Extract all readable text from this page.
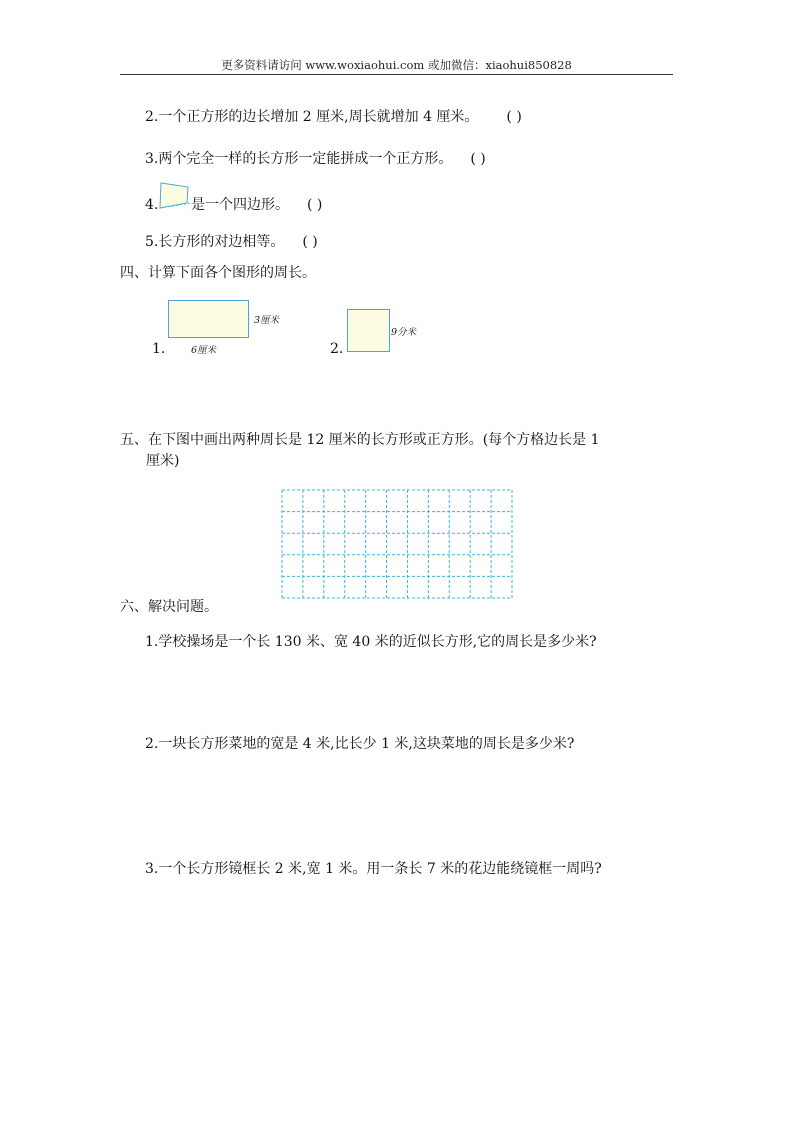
更多资料请访问 www.woxiaohui.com 或加微信：xiaohui850828
2.一个正方形的边长增加 2 厘米,周长就增加 4 厘米。 ( )
3.两个完全一样的长方形一定能拼成一个正方形。 ( )
4. 是一个四边形。 ( )
5.长方形的对边相等。 ( )
四、计算下面各个图形的周长。
3厘米
6厘米
1.
9分米
2.
五、在下图中画出两种周长是 12 厘米的长方形或正方形。(每个方格边长是 1
厘米)
六、解决问题。
1.学校操场是一个长 130 米、宽 40 米的近似长方形,它的周长是多少米?
2.一块长方形菜地的宽是 4 米,比长少 1 米,这块菜地的周长是多少米?
3.一个长方形镜框长 2 米,宽 1 米。用一条长 7 米的花边能绕镜框一周吗?
